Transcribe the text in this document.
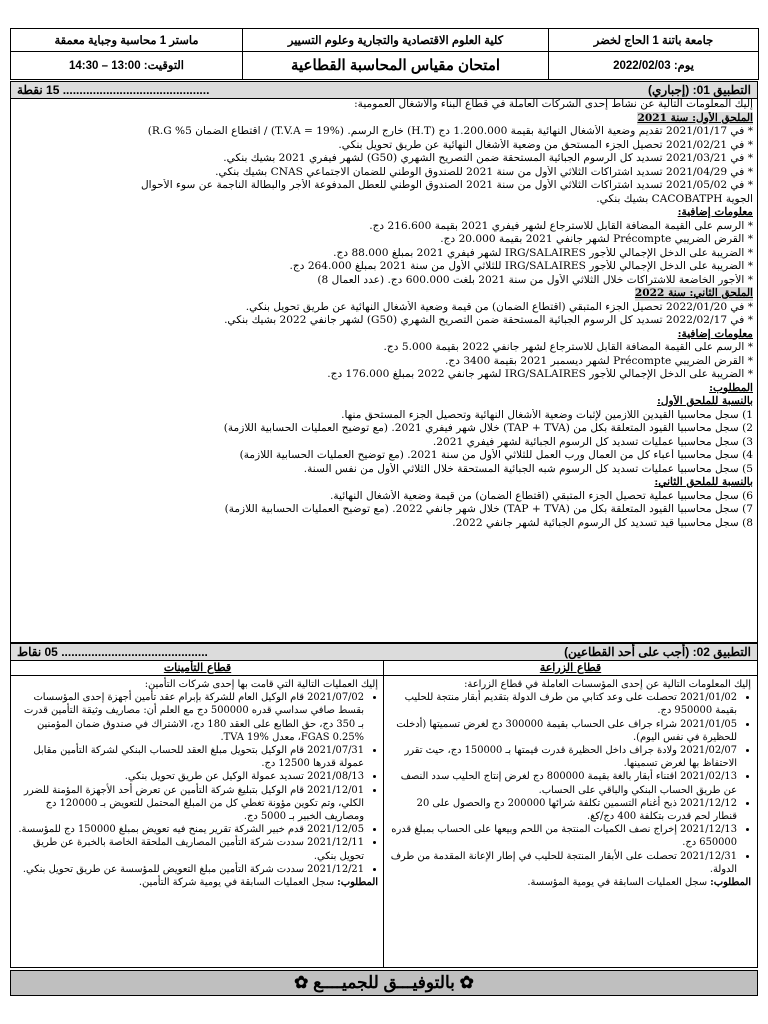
جامعة باتنة 1 الحاج لخضر	كلية العلوم الاقتصادية والتجارية وعلوم التسيير	ماستر 1 محاسبة وجباية معمقة
يوم: 2022/02/03	امتحان مقياس المحاسبة القطاعية	التوقيت: 13:00 – 14:30
التطبيق 01: (إجباري)
............................................ 15 نقطة
إليك المعلومات التالية عن نشاط إحدى الشركات العاملة في قطاع البناء والأشغال العمومية:
الملحق الأول: سنة 2021
* في 2021/01/17 تقديم وضعية الأشغال النهائية بقيمة 1.200.000 دج (H.T) خارج الرسم. (T.V.A = 19%) / اقتطاع الضمان 5% R.G)
* في 2021/02/21 تحصيل الجزء المستحق من وضعية الأشغال النهائية عن طريق تحويل بنكي.
* في 2021/03/21 تسديد كل الرسوم الجبائية المستحقة ضمن التصريح الشهري (G50) لشهر فيفري 2021 بشيك بنكي.
* في 2021/04/29 تسديد اشتراكات الثلاثي الأول من سنة 2021 للصندوق الوطني للضمان الاجتماعي CNAS بشيك بنكي.
* في 2021/05/02 تسديد اشتراكات الثلاثي الأول من سنة 2021 الصندوق الوطني للعطل المدفوعة الأجر والبطالة الناجمة عن سوء الأحوال
الجوية CACOBATPH بشيك بنكي.
معلومات إضافية:
* الرسم على القيمة المضافة القابل للاسترجاع لشهر فيفري 2021 بقيمة 216.600 دج.
* القرض الضريبي Précompte لشهر جانفي 2021 بقيمة 20.000 دج.
* الضريبة على الدخل الإجمالي للأجور IRG/SALAIRES لشهر فيفري 2021 بمبلغ 88.000 دج.
* الضريبة على الدخل الإجمالي للأجور IRG/SALAIRES للثلاثي الأول من سنة 2021 بمبلغ 264.000 دج.
* الأجور الخاضعة للاشتراكات خلال الثلاثي الأول من سنة 2021 بلغت 600.000 دج. (عدد العمال 8)
الملحق الثاني: سنة 2022
* في 2022/01/20 تحصيل الجزء المتبقي (اقتطاع الضمان) من قيمة وضعية الأشغال النهائية عن طريق تحويل بنكي.
* في 2022/02/17 تسديد كل الرسوم الجبائية المستحقة ضمن التصريح الشهري (G50) لشهر جانفي 2022 بشيك بنكي.
معلومات إضافية:
* الرسم على القيمة المضافة القابل للاسترجاع لشهر جانفي 2022 بقيمة 5.000 دج.
* القرض الضريبي Précompte لشهر ديسمبر 2021 بقيمة 3400 دج.
* الضريبة على الدخل الإجمالي للأجور IRG/SALAIRES لشهر جانفي 2022 بمبلغ 176.000 دج.
المطلوب:
بالنسبة للملحق الأول:
1) سجل محاسبيا القيدين اللازمين لإثبات وضعية الأشغال النهائية وتحصيل الجزء المستحق منها.
2) سجل محاسبيا القيود المتعلقة بكل من (TAP + TVA) خلال شهر فيفري 2021. (مع توضيح العمليات الحسابية اللازمة)
3) سجل محاسبيا عمليات تسديد كل الرسوم الجبائية لشهر فيفري 2021.
4) سجل محاسبيا أعباء كل من العمال ورب العمل للثلاثي الأول من سنة 2021. (مع توضيح العمليات الحسابية اللازمة)
5) سجل محاسبيا عمليات تسديد كل الرسوم شبه الجبائية المستحقة خلال الثلاثي الأول من نفس السنة.
بالنسبة للملحق الثاني:
6) سجل محاسبيا عملية تحصيل الجزء المتبقي (اقتطاع الضمان) من قيمة وضعية الأشغال النهائية.
7) سجل محاسبيا القيود المتعلقة بكل من (TAP + TVA) خلال شهر جانفي 2022. (مع توضيح العمليات الحسابية اللازمة)
8) سجل محاسبيا قيد تسديد كل الرسوم الجبائية لشهر جانفي 2022.
التطبيق 02: (أجب على أحد القطاعين)
............................................ 05 نقاط
قطاع الزراعة
إليك المعلومات التالية عن إحدى المؤسسات العاملة في قطاع الزراعة:
• 2021/01/02 تحصلت على وعد كتابي من طرف الدولة بتقديم أبقار منتجة للحليب بقيمة 950000 دج.
• 2021/01/05 شراء جراف على الحساب بقيمة 300000 دج لغرض تسميتها (أدخلت للحظيرة في نفس اليوم).
• 2021/02/07 ولادة جراف داخل الحظيرة قدرت قيمتها بـ 150000 دج، حيث تقرر الاحتفاظ بها لغرض تسمينها.
• 2021/02/13 اقتناء أبقار بالغة بقيمة 800000 دج لغرض إنتاج الحليب سدد النصف عن طريق الحساب البنكي والباقي على الحساب.
• 2021/12/12 ذبح أغنام التسمين تكلفة شرائها 200000 دج والحصول على 20 قنطار لحم قدرت بتكلفة 400 دج/كغ.
• 2021/12/13 إخراج نصف الكميات المنتجة من اللحم وبيعها على الحساب بمبلغ قدره 650000 دج.
• 2021/12/31 تحصلت على الأبقار المنتجة للحليب في إطار الإعانة المقدمة من طرف الدولة.
المطلوب: سجل العمليات السابقة في يومية المؤسسة.
قطاع التأمينات
إليك العمليات التالية التي قامت بها إحدى شركات التأمين:
• 2021/07/02 قام الوكيل العام للشركة بإبرام عقد تأمين أجهزة إحدى المؤسسات بقسط صافي سداسي قدره 500000 دج مع العلم أن: مصاريف وثيقة التأمين قدرت بـ 350 دج، حق الطابع على العقد 180 دج، الاشتراك في صندوق ضمان المؤمنين FGAS 0.25%، معدل TVA 19%.
• 2021/07/31 قام الوكيل بتحويل مبلغ العقد للحساب البنكي لشركة التأمين مقابل عمولة قدرها 12500 دج.
• 2021/08/13 تسديد عمولة الوكيل عن طريق تحويل بنكي.
• 2021/12/01 قام الوكيل بتبليغ شركة التأمين عن تعرض أحد الأجهزة المؤمنة للضرر الكلي، وتم تكوين مؤونة تغطي كل من المبلغ المحتمل للتعويض بـ 120000 دج ومصاريف الخبير بـ 5000 دج.
• 2021/12/05 قدم خبير الشركة تقرير يمنح فيه تعويض بمبلغ 150000 دج للمؤسسة.
• 2021/12/11 سددت شركة التأمين المصاريف الملحقة الخاصة بالخبرة عن طريق تحويل بنكي.
• 2021/12/21 سددت شركة التأمين مبلغ التعويض للمؤسسة عن طريق تحويل بنكي.
المطلوب: سجل العمليات السابقة في يومية شركة التأمين.
✿ بالتوفيـــق للجميــــع ✿
